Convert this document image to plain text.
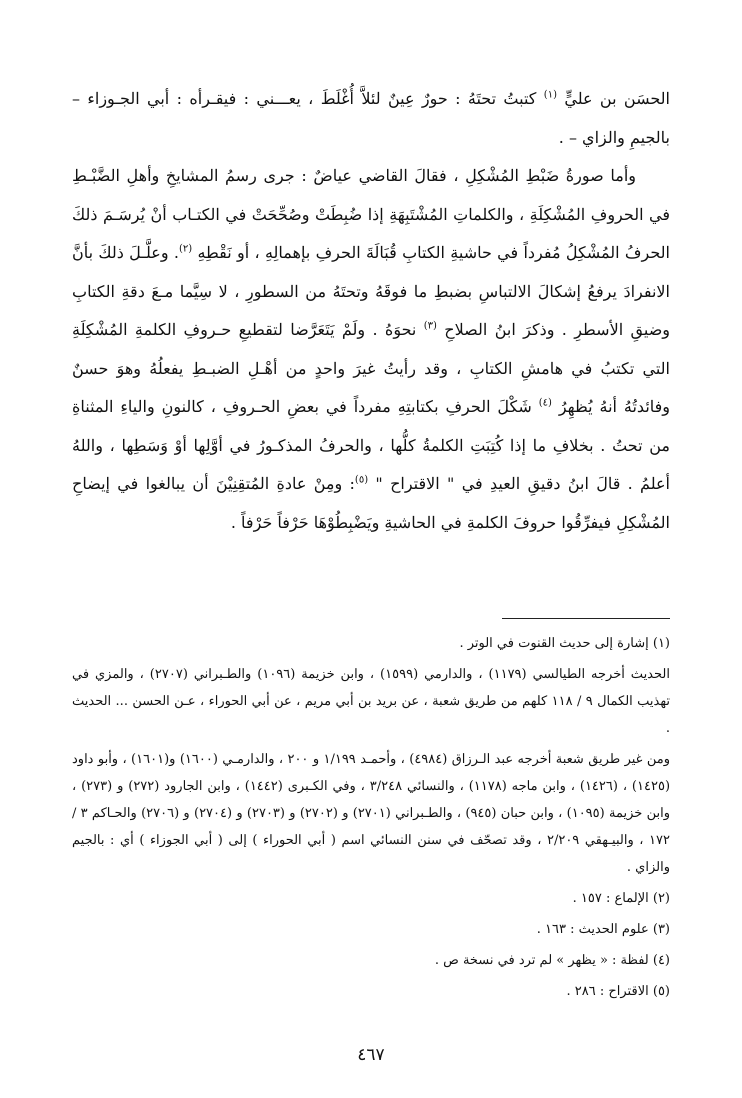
الحسَن بن عليٍّ $^{(١)}$ كتبتُ تحتَهُ : حورٌ عِينٌ لئلاَّ أُغْلَطَ ، يعـــني : فيقـرأه : أبي الجـوزاء – بالجيمِ والزاي – .

وأما صورةُ ضَبْطِ المُشْكِلِ ، فقالَ القاضي عياضٌ : جرى رسمُ المشايخِ وأهلِ الضَّبْـطِ في الحروفِ المُشْكِلَةِ ، والكلماتِ المُشْتَبِهَةِ إذا ضُبِطَتْ وصُحِّحَتْ في الكتـاب أنْ يُرسَـمَ ذلكَ الحرفُ المُشْكِلُ مُفرداً في حاشيةِ الكتابِ قُبَالَةَ الحرفِ بإهمالِهِ ، أو نَقْطِهِ $^{(٢)}$. وعلَّـلَ ذلكَ بأنَّ الانفرادَ يرفعُ إشكالَ الالتباسِ بضبطِ ما فوقَهُ وتحتَهُ من السطورِ ، لا سِيَّما مـعَ دقةِ الكتابِ وضيقِ الأسطرِ . وذكرَ ابنُ الصلاحِ $^{(٣)}$ نحوَهُ . ولَمْ يَتَعَرَّضا لتقطيعِ حـروفِ الكلمةِ المُشْكِلَةِ التي تكتبُ في هامشِ الكتابِ ، وقد رأيتُ غيرَ واحدٍ من أهْـلِ الضبـطِ يفعلُهُ وهوَ حسنٌ وفائدتُهُ أنهُ يُظهِرُ $^{(٤)}$ شَكْلَ الحرفِ بكتابتِهِ مفرداً في بعضِ الحـروفِ ، كالنونِ والياءِ المثناةِ من تحتُ . بخلافِ ما إذا كُتِبَتِ الكلمةُ كلُّها ، والحرفُ المذكـورُ في أوَّلِها أوْ وَسَطِها ، واللهُ أعلمُ . قالَ ابنُ دقيقِ العيدِ في " الاقتراح " $^{(٥)}$: ومِنْ عادةِ المُتقِنِيْنَ أن يبالغوا في إيضاحِ المُشْكِلِ فيفرِّقُوا حروفَ الكلمةِ في الحاشيةِ ويَضْبِطُوْهَا حَرْفاً حَرْفاً .

(١) إشارة إلى حديث القنوت في الوتر .

الحديث أخرجه الطيالسي (١١٧٩) ، والدارمي (١٥٩٩) ، وابن خزيمة (١٠٩٦) والطـبراني (٢٧٠٧) ، والمزي في تهذيب الكمال ٩ / ١١٨ كلهم من طريق شعبة ، عن بريد بن أبي مريم ، عن أبي الحوراء ، عـن الحسن ... الحديث .

ومن غير طريق شعبة أخرجه عبد الـرزاق (٤٩٨٤) ، وأحمـد ١/١٩٩ و ٢٠٠ ، والدارمـي (١٦٠٠) و(١٦٠١) ، وأبو داود (١٤٢٥) ، (١٤٢٦) ، وابن ماجه (١١٧٨) ، والنسائي ٣/٢٤٨ ، وفي الكـبرى (١٤٤٢) ، وابن الجارود (٢٧٢) و (٢٧٣) ، وابن خزيمة (١٠٩٥) ، وابن حبان (٩٤٥) ، والطـبراني (٢٧٠١) و (٢٧٠٢) و (٢٧٠٣) و (٢٧٠٤) و (٢٧٠٦) والحـاكم ٣ / ١٧٢ ، والبيـهقي ٢/٢٠٩ ، وقد تصحّف في سنن النسائي اسم ( أبي الحوراء ) إلى ( أبي الجوزاء ) أي : بالجيم والزاي .

(٢) الإلماع : ١٥٧ .

(٣) علوم الحديث : ١٦٣ .

(٤) لفظة : « يظهر » لم ترد في نسخة ص .

(٥) الاقتراح : ٢٨٦ .

٤٦٧
